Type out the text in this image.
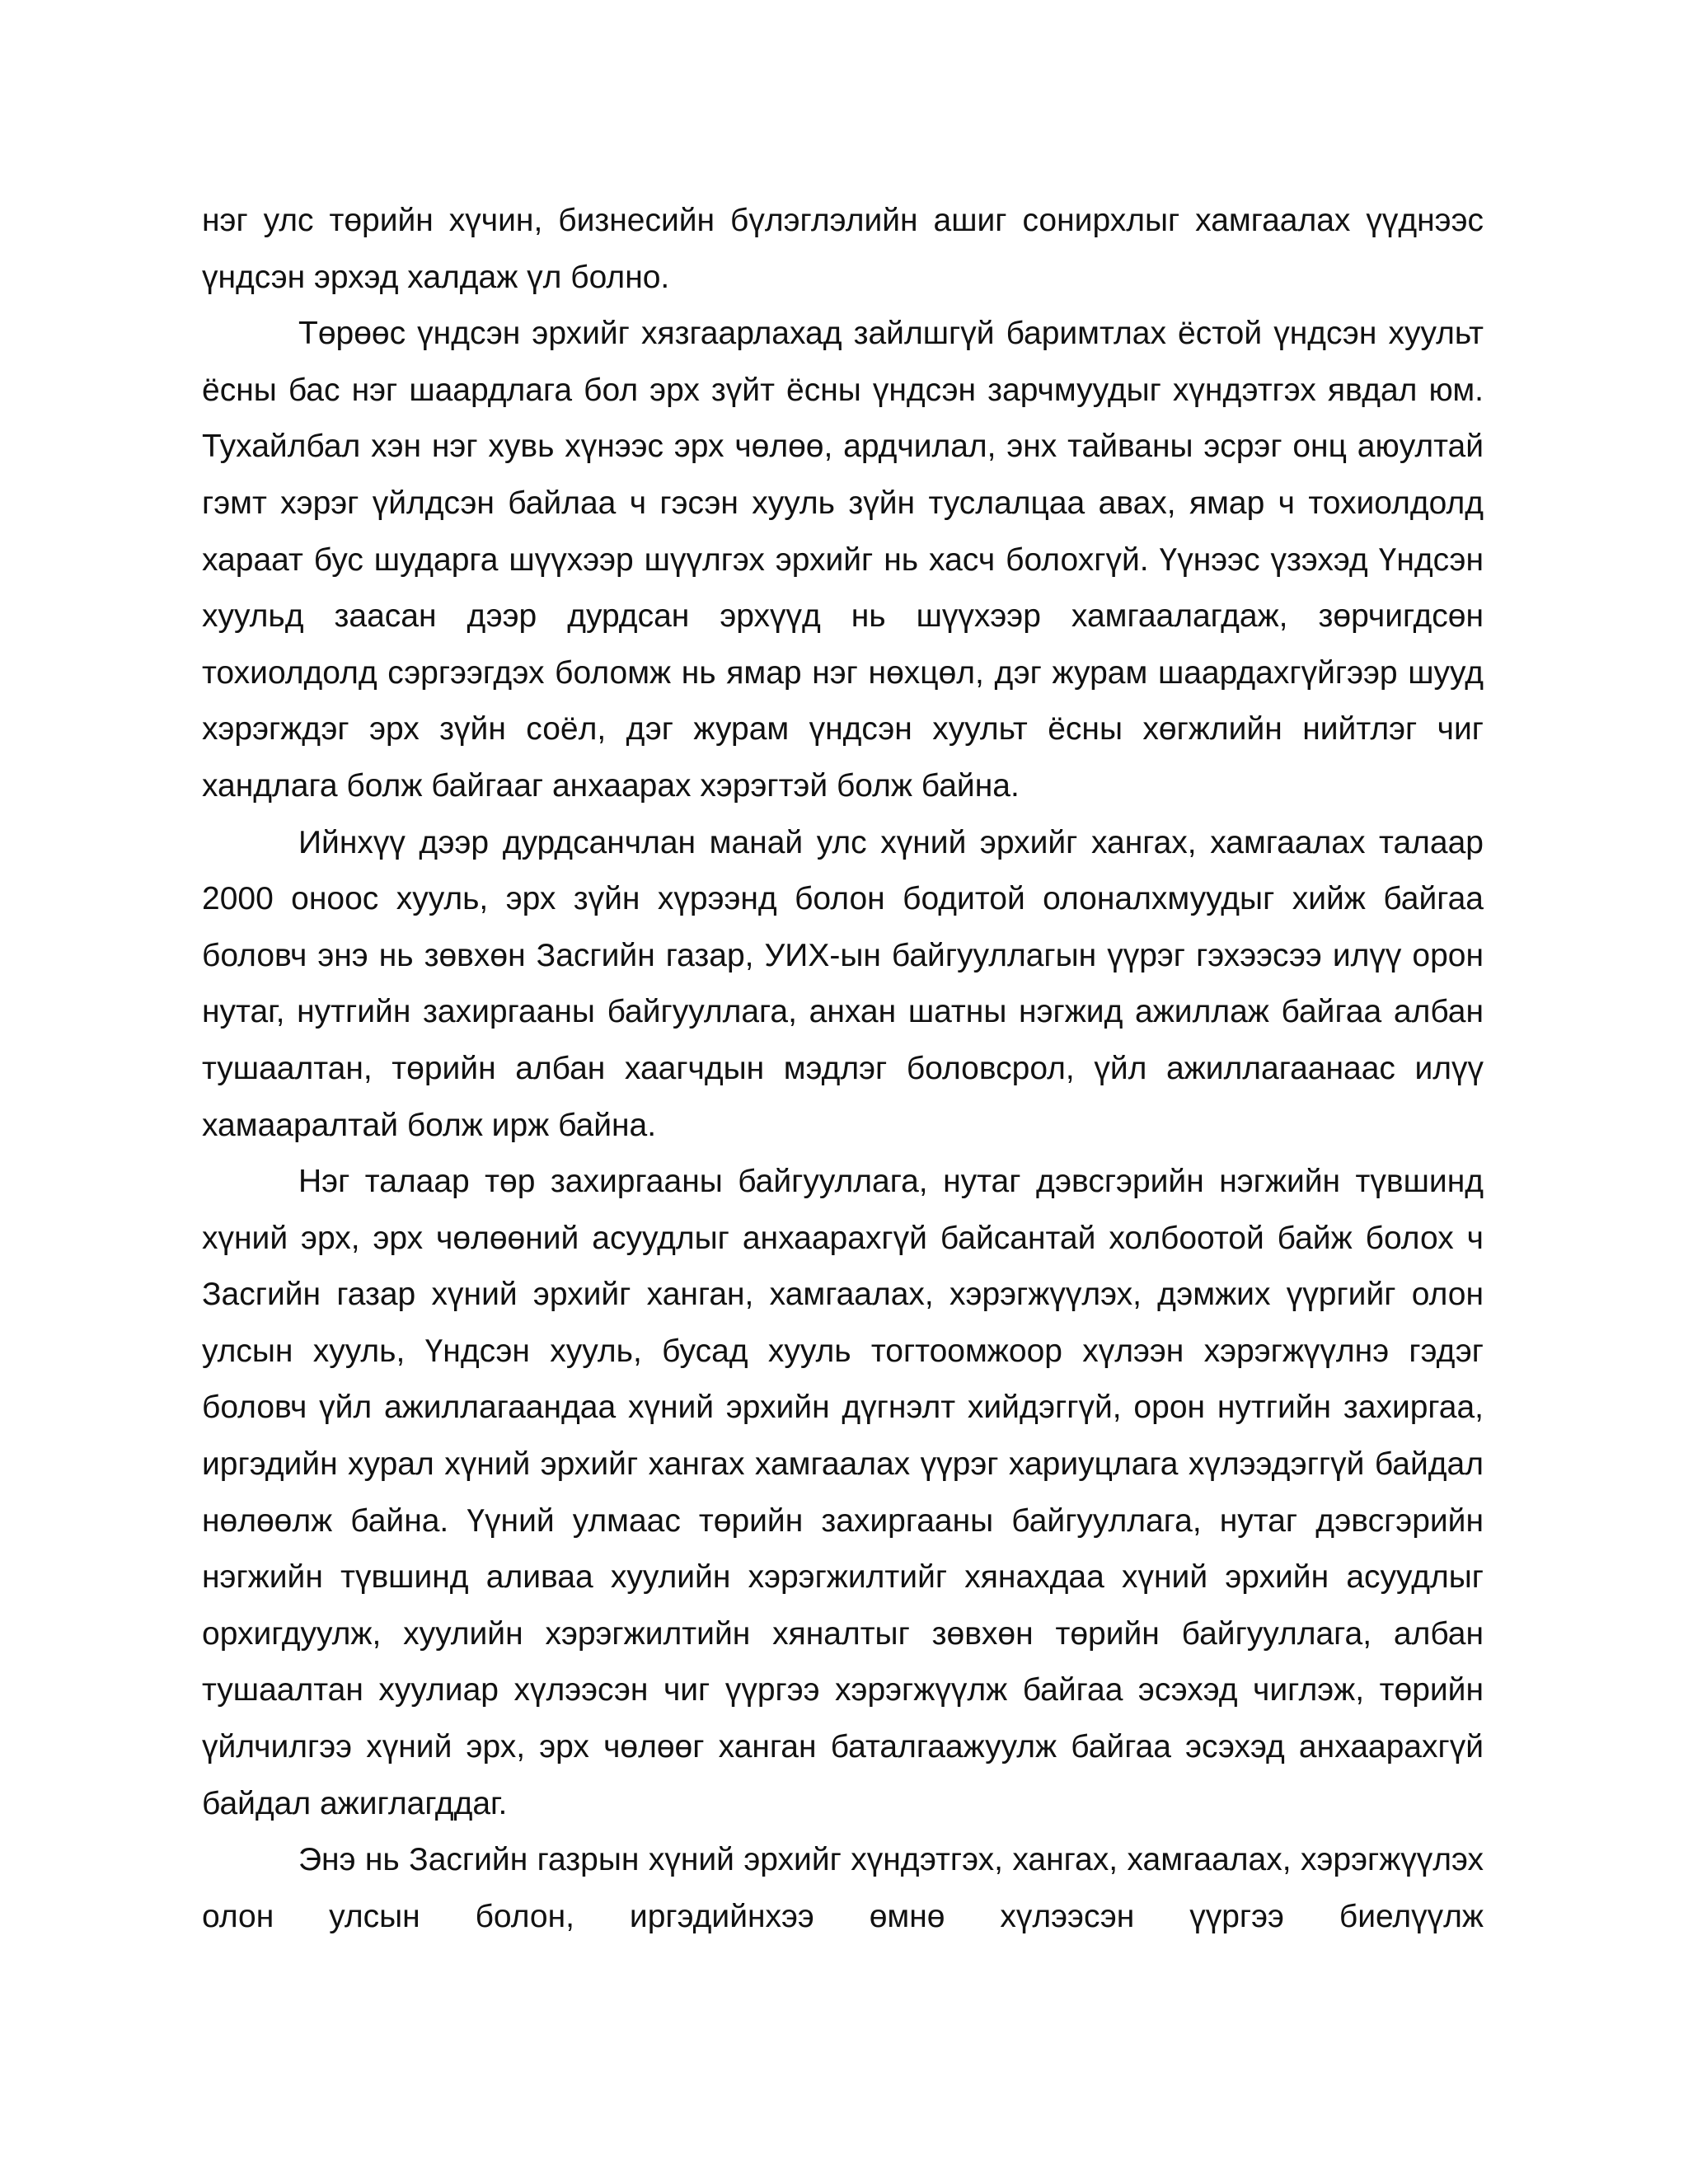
нэг улс төрийн хүчин, бизнесийн бүлэглэлийн ашиг сонирхлыг хамгаалах үүднээс үндсэн эрхэд халдаж үл болно.

Төрөөс үндсэн эрхийг хязгаарлахад зайлшгүй баримтлах ёстой үндсэн хуульт ёсны бас нэг шаардлага бол эрх зүйт ёсны үндсэн зарчмуудыг хүндэтгэх явдал юм. Тухайлбал хэн нэг хувь хүнээс эрх чөлөө, ардчилал, энх тайваны эсрэг онц аюултай гэмт хэрэг үйлдсэн байлаа ч гэсэн хууль зүйн туслалцаа авах, ямар ч тохиолдолд хараат бус шударга шүүхээр шүүлгэх эрхийг нь хасч болохгүй. Үүнээс үзэхэд Үндсэн хуульд заасан дээр дурдсан эрхүүд нь шүүхээр хамгаалагдаж, зөрчигдсөн тохиолдолд сэргээгдэх боломж нь ямар нэг нөхцөл, дэг журам шаардахгүйгээр шууд хэрэгждэг эрх зүйн соёл, дэг журам үндсэн хуульт ёсны хөгжлийн нийтлэг чиг хандлага болж байгааг анхаарах хэрэгтэй болж байна.

Ийнхүү дээр дурдсанчлан манай улс хүний эрхийг хангах, хамгаалах талаар 2000 оноос хууль, эрх зүйн хүрээнд болон бодитой олоналхмуудыг хийж байгаа боловч энэ нь зөвхөн Засгийн газар, УИХ-ын байгууллагын үүрэг гэхээсээ илүү орон нутаг, нутгийн захиргааны байгууллага, анхан шатны нэгжид ажиллаж байгаа албан тушаалтан, төрийн албан хаагчдын мэдлэг боловсрол, үйл ажиллагаанаас илүү хамааралтай болж ирж байна.

Нэг талаар төр захиргааны байгууллага, нутаг дэвсгэрийн нэгжийн түвшинд хүний эрх, эрх чөлөөний асуудлыг анхаарахгүй байсантай холбоотой байж болох ч Засгийн газар хүний эрхийг ханган, хамгаалах, хэрэгжүүлэх, дэмжих үүргийг олон улсын хууль, Үндсэн хууль, бусад хууль тогтоомжоор хүлээн хэрэгжүүлнэ гэдэг боловч үйл ажиллагаандаа хүний эрхийн дүгнэлт хийдэггүй, орон нутгийн захиргаа, иргэдийн хурал хүний эрхийг хангах хамгаалах үүрэг хариуцлага хүлээдэггүй байдал нөлөөлж байна. Үүний улмаас төрийн захиргааны байгууллага, нутаг дэвсгэрийн нэгжийн түвшинд аливаа хуулийн хэрэгжилтийг хянахдаа хүний эрхийн асуудлыг орхигдуулж, хуулийн хэрэгжилтийн хяналтыг зөвхөн төрийн байгууллага, албан тушаалтан хуулиар хүлээсэн чиг үүргээ хэрэгжүүлж байгаа эсэхэд чиглэж, төрийн үйлчилгээ хүний эрх, эрх чөлөөг ханган баталгаажуулж байгаа эсэхэд анхаарахгүй байдал ажиглагддаг.

Энэ нь Засгийн газрын хүний эрхийг хүндэтгэх, хангах, хамгаалах, хэрэгжүүлэх олон улсын болон, иргэдийнхээ өмнө хүлээсэн үүргээ биелүүлж
